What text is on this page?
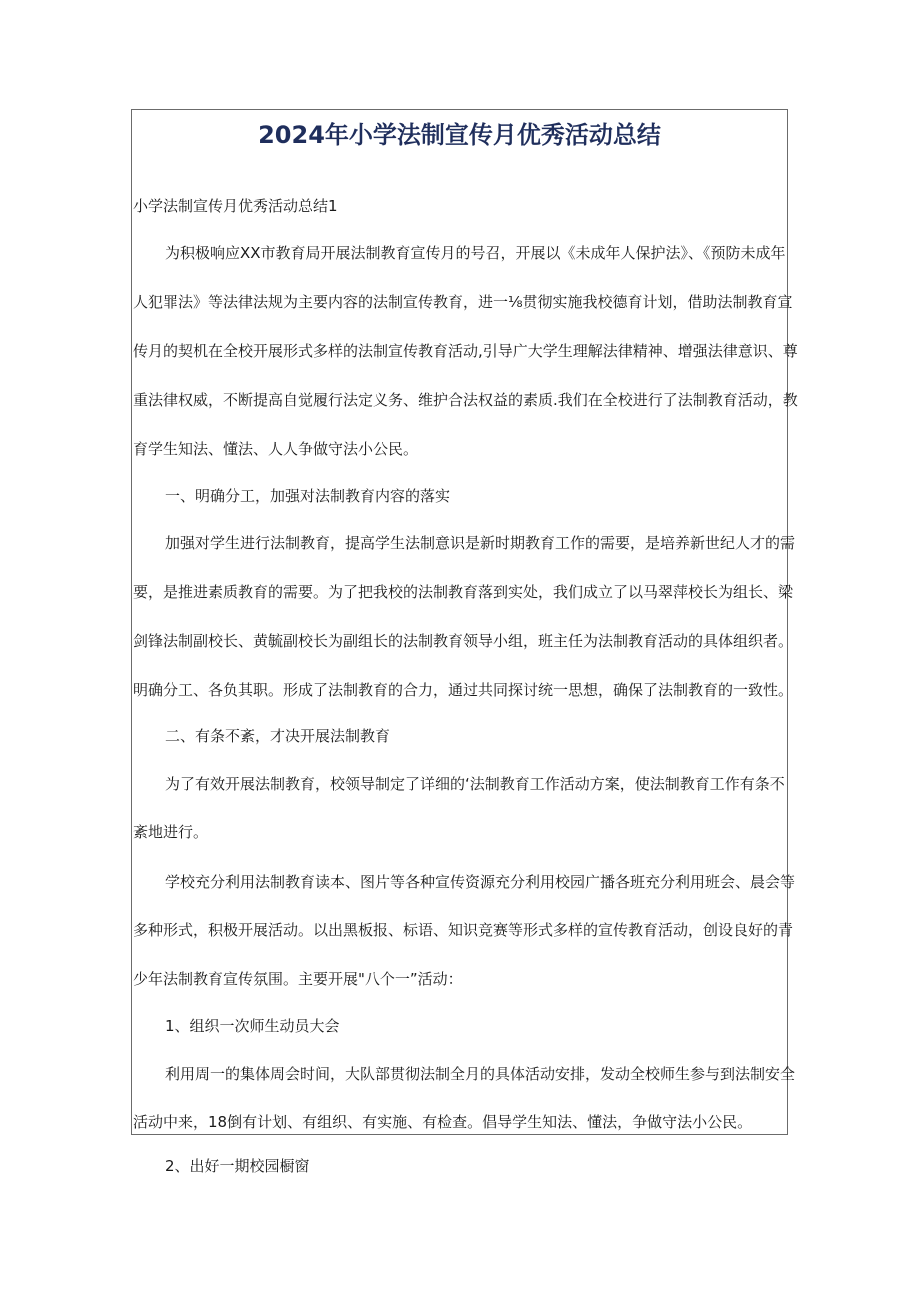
2024年小学法制宣传月优秀活动总结

小学法制宣传月优秀活动总结1

为积极响应XX市教育局开展法制教育宣传月的号召，开展以《未成年人保护法》、《预防未成年

人犯罪法》等法律法规为主要内容的法制宣传教育，进一⅛贯彻实施我校德育计划，借助法制教育宣

传月的契机在全校开展形式多样的法制宣传教育活动,引导广大学生理解法律精神、增强法律意识、尊

重法律权威，不断提高自觉履行法定义务、维护合法权益的素质.我们在全校进行了法制教育活动，教

育学生知法、懂法、人人争做守法小公民。

一、明确分工，加强对法制教育内容的落实

加强对学生进行法制教育，提高学生法制意识是新时期教育工作的需要，是培养新世纪人才的需

要，是推进素质教育的需要。为了把我校的法制教育落到实处，我们成立了以马翠萍校长为组长、梁

剑锋法制副校长、黄毓副校长为副组长的法制教育领导小组，班主任为法制教育活动的具体组织者。

明确分工、各负其职。形成了法制教育的合力，通过共同探讨统一思想，确保了法制教育的一致性。

二、有条不紊，才决开展法制教育

为了有效开展法制教育，校领导制定了详细的‘法制教育工作活动方案，使法制教育工作有条不

紊地进行。

学校充分利用法制教育读本、图片等各种宣传资源充分利用校园广播各班充分利用班会、晨会等

多种形式，积极开展活动。以出黑板报、标语、知识竞赛等形式多样的宣传教育活动，创设良好的青

少年法制教育宣传氛围。主要开展"八个一”活动：

1、组织一次师生动员大会

利用周一的集体周会时间，大队部贯彻法制全月的具体活动安排，发动全校师生参与到法制安全

活动中来，18倒有计划、有组织、有实施、有检查。倡导学生知法、懂法，争做守法小公民。

2、出好一期校园橱窗
